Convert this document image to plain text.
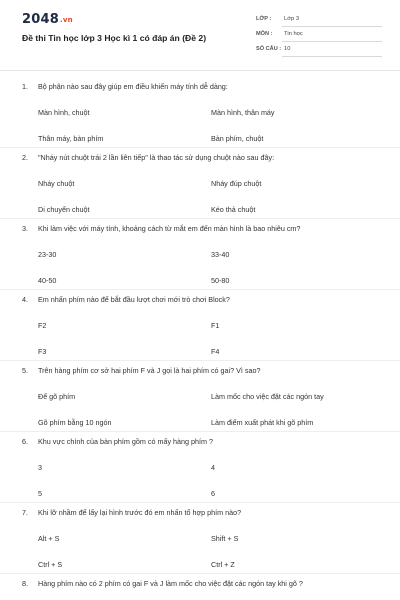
2048.vn
Đề thi Tin học lớp 3 Học kì 1 có đáp án (Đề 2)
LỚP : Lớp 3
MÔN : Tin học
SỐ CÂU : 10
1. Bộ phận nào sau đây giúp em điều khiển máy tính dễ dàng:
Màn hình, chuột	Màn hình, thân máy
Thân máy, bàn phím	Bàn phím, chuột
2. "Nháy nút chuột trái 2 lần liên tiếp" là thao tác sử dụng chuột nào sau đây:
Nháy chuột	Nháy đúp chuột
Di chuyển chuột	Kéo thả chuột
3. Khi làm việc với máy tính, khoảng cách từ mắt em đến màn hình là bao nhiêu cm?
23-30	33-40
40-50	50-80
4. Em nhấn phím nào để bắt đầu lượt chơi mới trò chơi Block?
F2	F1
F3	F4
5. Trên hàng phím cơ sở hai phím F và J gọi là hai phím có gai? Vì sao?
Để gõ phím	Làm mốc cho việc đặt các ngón tay
Gõ phím bằng 10 ngón	Làm điểm xuất phát khi gõ phím
6. Khu vực chính của bàn phím gồm có mấy hàng phím ?
3	4
5	6
7. Khi lỡ nhầm để lấy lại hình trước đó em nhấn tổ hợp phím nào?
Alt + S	Shift + S
Ctrl + S	Ctrl + Z
8. Hàng phím nào có 2 phím có gai F và J làm mốc cho việc đặt các ngón tay khi gõ ?
